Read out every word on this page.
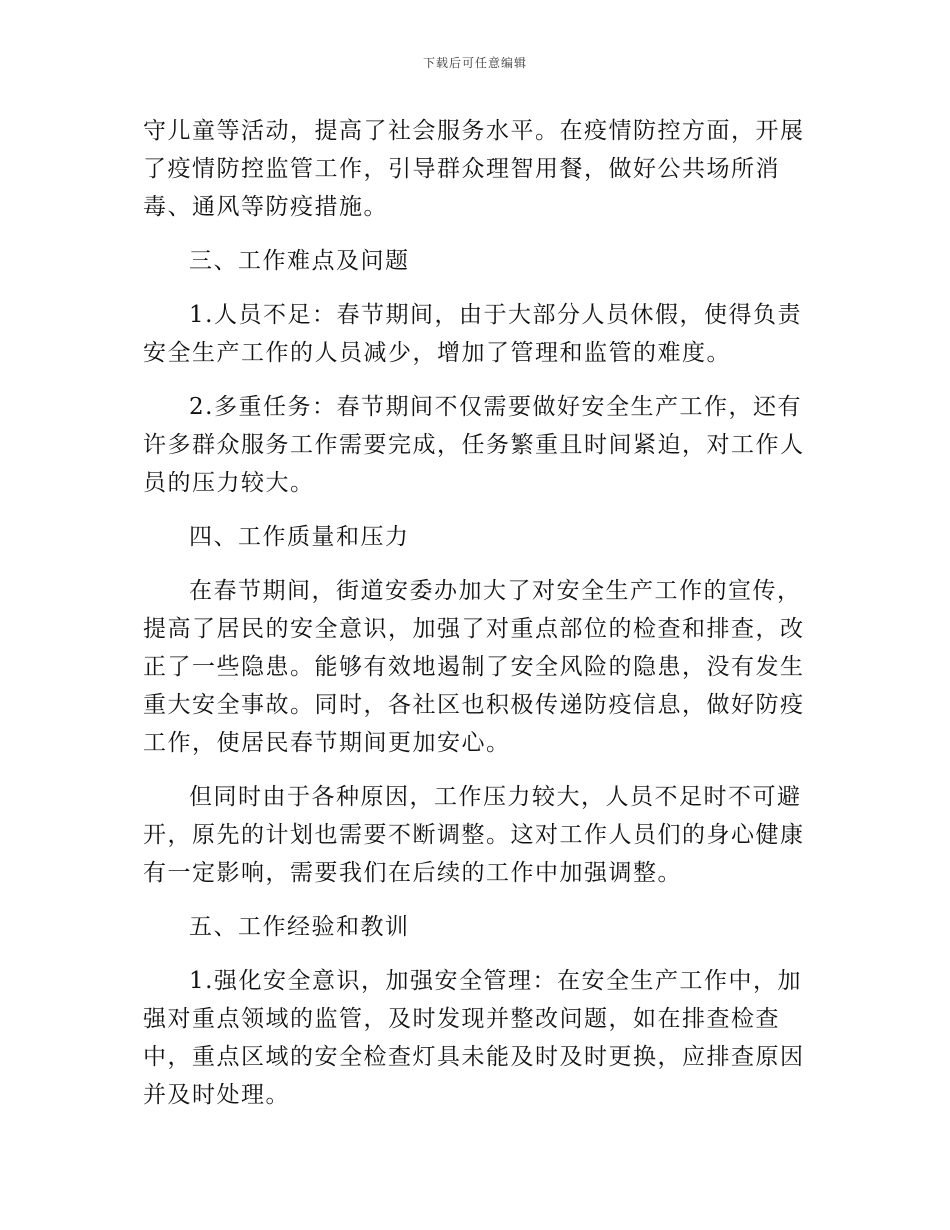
下载后可任意编辑

守儿童等活动，提高了社会服务水平。在疫情防控方面，开展了疫情防控监管工作，引导群众理智用餐，做好公共场所消毒、通风等防疫措施。

三、工作难点及问题

1.人员不足：春节期间，由于大部分人员休假，使得负责安全生产工作的人员减少，增加了管理和监管的难度。

2.多重任务：春节期间不仅需要做好安全生产工作，还有许多群众服务工作需要完成，任务繁重且时间紧迫，对工作人员的压力较大。

四、工作质量和压力

在春节期间，街道安委办加大了对安全生产工作的宣传，提高了居民的安全意识，加强了对重点部位的检查和排查，改正了一些隐患。能够有效地遏制了安全风险的隐患，没有发生重大安全事故。同时，各社区也积极传递防疫信息，做好防疫工作，使居民春节期间更加安心。

但同时由于各种原因，工作压力较大，人员不足时不可避开，原先的计划也需要不断调整。这对工作人员们的身心健康有一定影响，需要我们在后续的工作中加强调整。

五、工作经验和教训

1.强化安全意识，加强安全管理：在安全生产工作中，加强对重点领域的监管，及时发现并整改问题，如在排查检查中，重点区域的安全检查灯具未能及时及时更换，应排查原因并及时处理。
